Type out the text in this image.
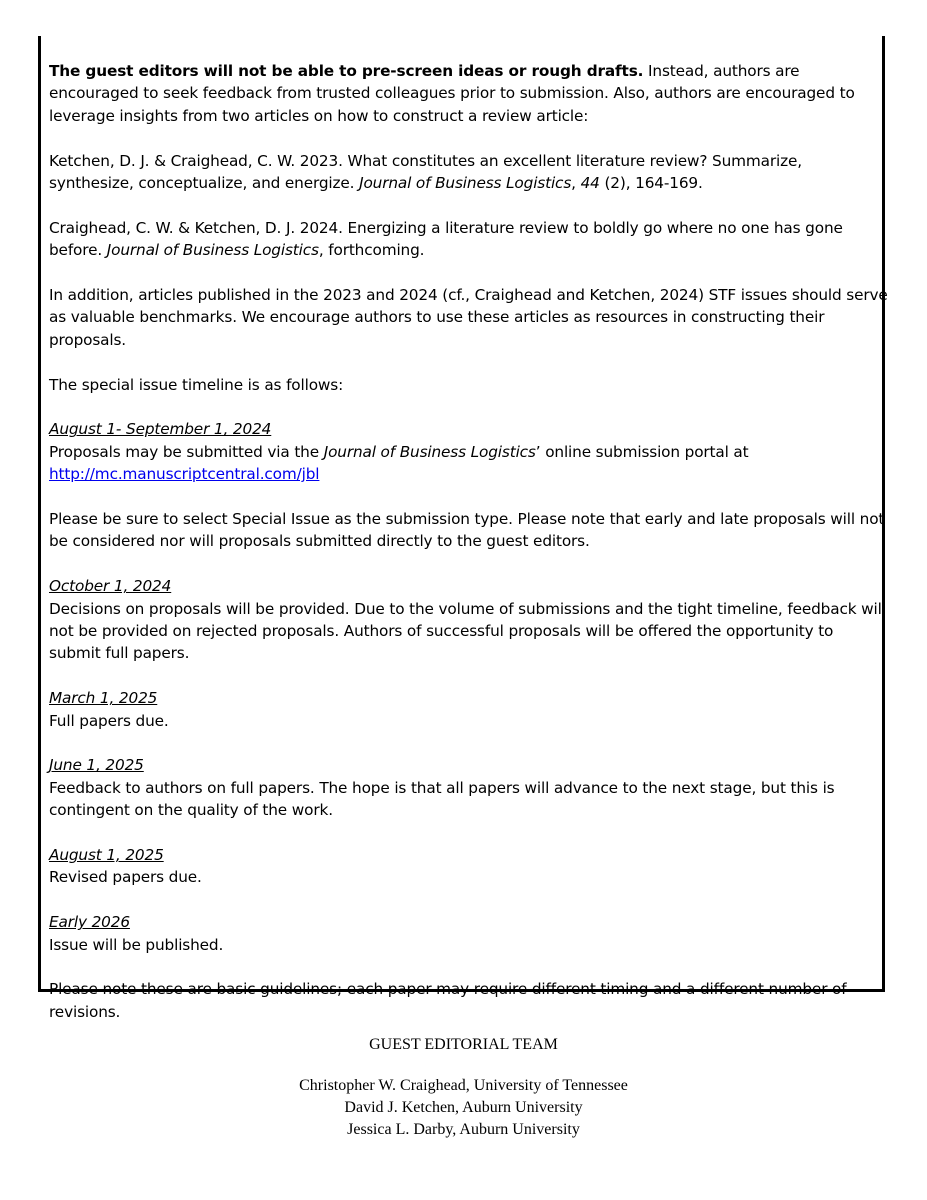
The guest editors will not be able to pre-screen ideas or rough drafts. Instead, authors are encouraged to seek feedback from trusted colleagues prior to submission. Also, authors are encouraged to leverage insights from two articles on how to construct a review article:

Ketchen, D. J. & Craighead, C. W. 2023. What constitutes an excellent literature review? Summarize, synthesize, conceptualize, and energize. Journal of Business Logistics, 44 (2), 164-169.

Craighead, C. W. & Ketchen, D. J. 2024. Energizing a literature review to boldly go where no one has gone before. Journal of Business Logistics, forthcoming.

In addition, articles published in the 2023 and 2024 (cf., Craighead and Ketchen, 2024) STF issues should serve as valuable benchmarks. We encourage authors to use these articles as resources in constructing their proposals.

The special issue timeline is as follows:

August 1- September 1, 2024
Proposals may be submitted via the Journal of Business Logistics’ online submission portal at
http://mc.manuscriptcentral.com/jbl

Please be sure to select Special Issue as the submission type. Please note that early and late proposals will not be considered nor will proposals submitted directly to the guest editors.

October 1, 2024
Decisions on proposals will be provided. Due to the volume of submissions and the tight timeline, feedback will not be provided on rejected proposals. Authors of successful proposals will be offered the opportunity to submit full papers.

March 1, 2025
Full papers due.

June 1, 2025
Feedback to authors on full papers. The hope is that all papers will advance to the next stage, but this is contingent on the quality of the work.

August 1, 2025
Revised papers due.

Early 2026
Issue will be published.

Please note these are basic guidelines; each paper may require different timing and a different number of revisions.

GUEST EDITORIAL TEAM
Christopher W. Craighead, University of Tennessee
David J. Ketchen, Auburn University
Jessica L. Darby, Auburn University
